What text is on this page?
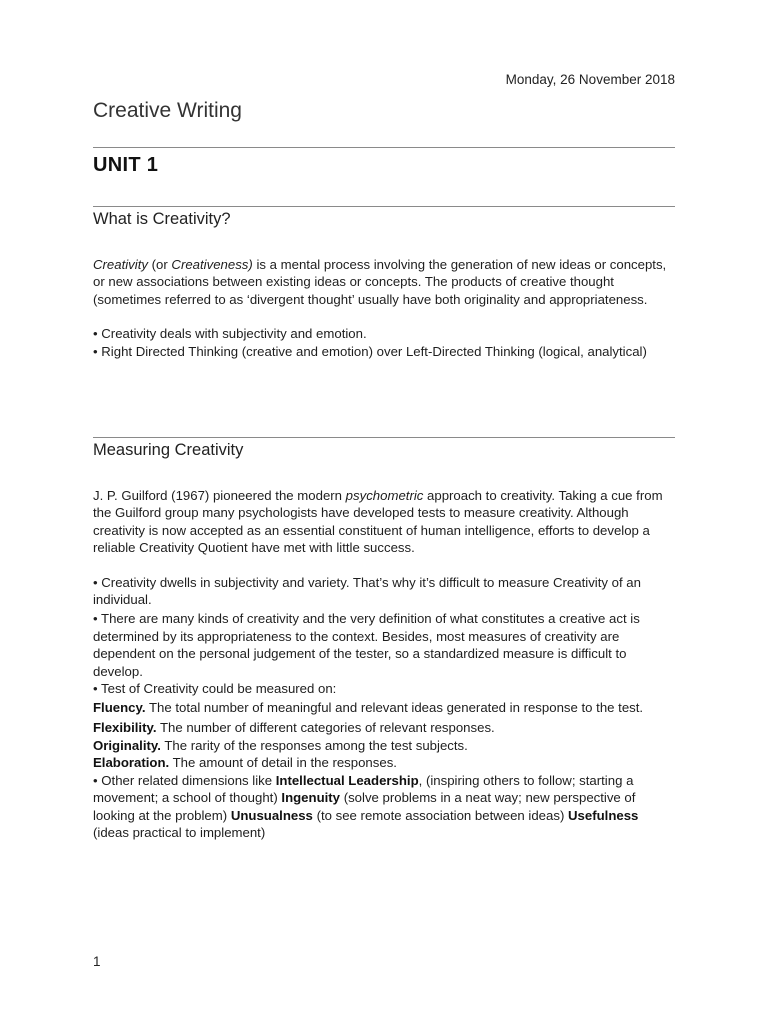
Monday, 26 November 2018
Creative Writing
UNIT 1
What is Creativity?

Creativity (or Creativeness) is a mental process involving the generation of new ideas or concepts, or new associations between existing ideas or concepts. The products of creative thought (sometimes referred to as ‘divergent thought’ usually have both originality and appropriateness.

• Creativity deals with subjectivity and emotion.

• Right Directed Thinking (creative and emotion) over Left-Directed Thinking (logical, analytical)

Measuring Creativity

J. P. Guilford (1967) pioneered the modern psychometric approach to creativity. Taking a cue from the Guilford group many psychologists have developed tests to measure creativity. Although creativity is now accepted as an essential constituent of human intelligence, efforts to develop a reliable Creativity Quotient have met with little success.

• Creativity dwells in subjectivity and variety. That’s why it’s difficult to measure Creativity of an individual.

• There are many kinds of creativity and the very definition of what constitutes a creative act is determined by its appropriateness to the context. Besides, most measures of creativity are dependent on the personal judgement of the tester, so a standardized measure is difficult to develop.

• Test of Creativity could be measured on:

Fluency. The total number of meaningful and relevant ideas generated in response to the test.

Flexibility. The number of different categories of relevant responses.

Originality. The rarity of the responses among the test subjects.

Elaboration. The amount of detail in the responses.

• Other related dimensions like Intellectual Leadership, (inspiring others to follow; starting a movement; a school of thought) Ingenuity (solve problems in a neat way; new perspective of looking at the problem) Unusualness (to see remote association between ideas) Usefulness (ideas practical to implement)

1
